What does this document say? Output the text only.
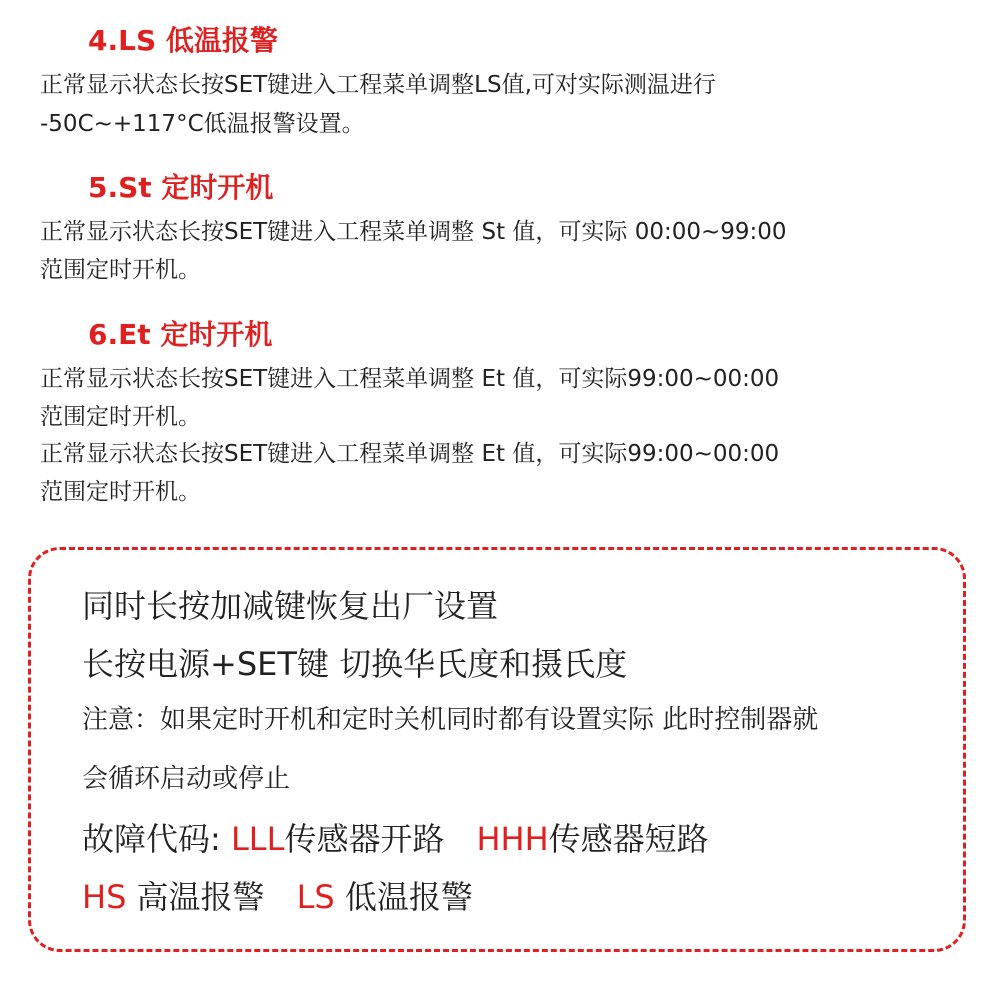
4.LS 低温报警
正常显示状态长按SET键进入工程菜单调整LS值,可对实际测温进行
-50C~+117°C低温报警设置。
5.St 定时开机
正常显示状态长按SET键进入工程菜单调整 St 值，可实际 00:00~99:00
范围定时开机。
6.Et 定时开机
正常显示状态长按SET键进入工程菜单调整 Et 值，可实际99:00~00:00
范围定时开机。
正常显示状态长按SET键进入工程菜单调整 Et 值，可实际99:00~00:00
范围定时开机。
同时长按加减键恢复出厂设置
长按电源+SET键 切换华氏度和摄氏度
注意：如果定时开机和定时关机同时都有设置实际 此时控制器就
会循环启动或停止
故障代码: LLL传感器开路 HHH传感器短路
HS 高温报警 LS 低温报警
